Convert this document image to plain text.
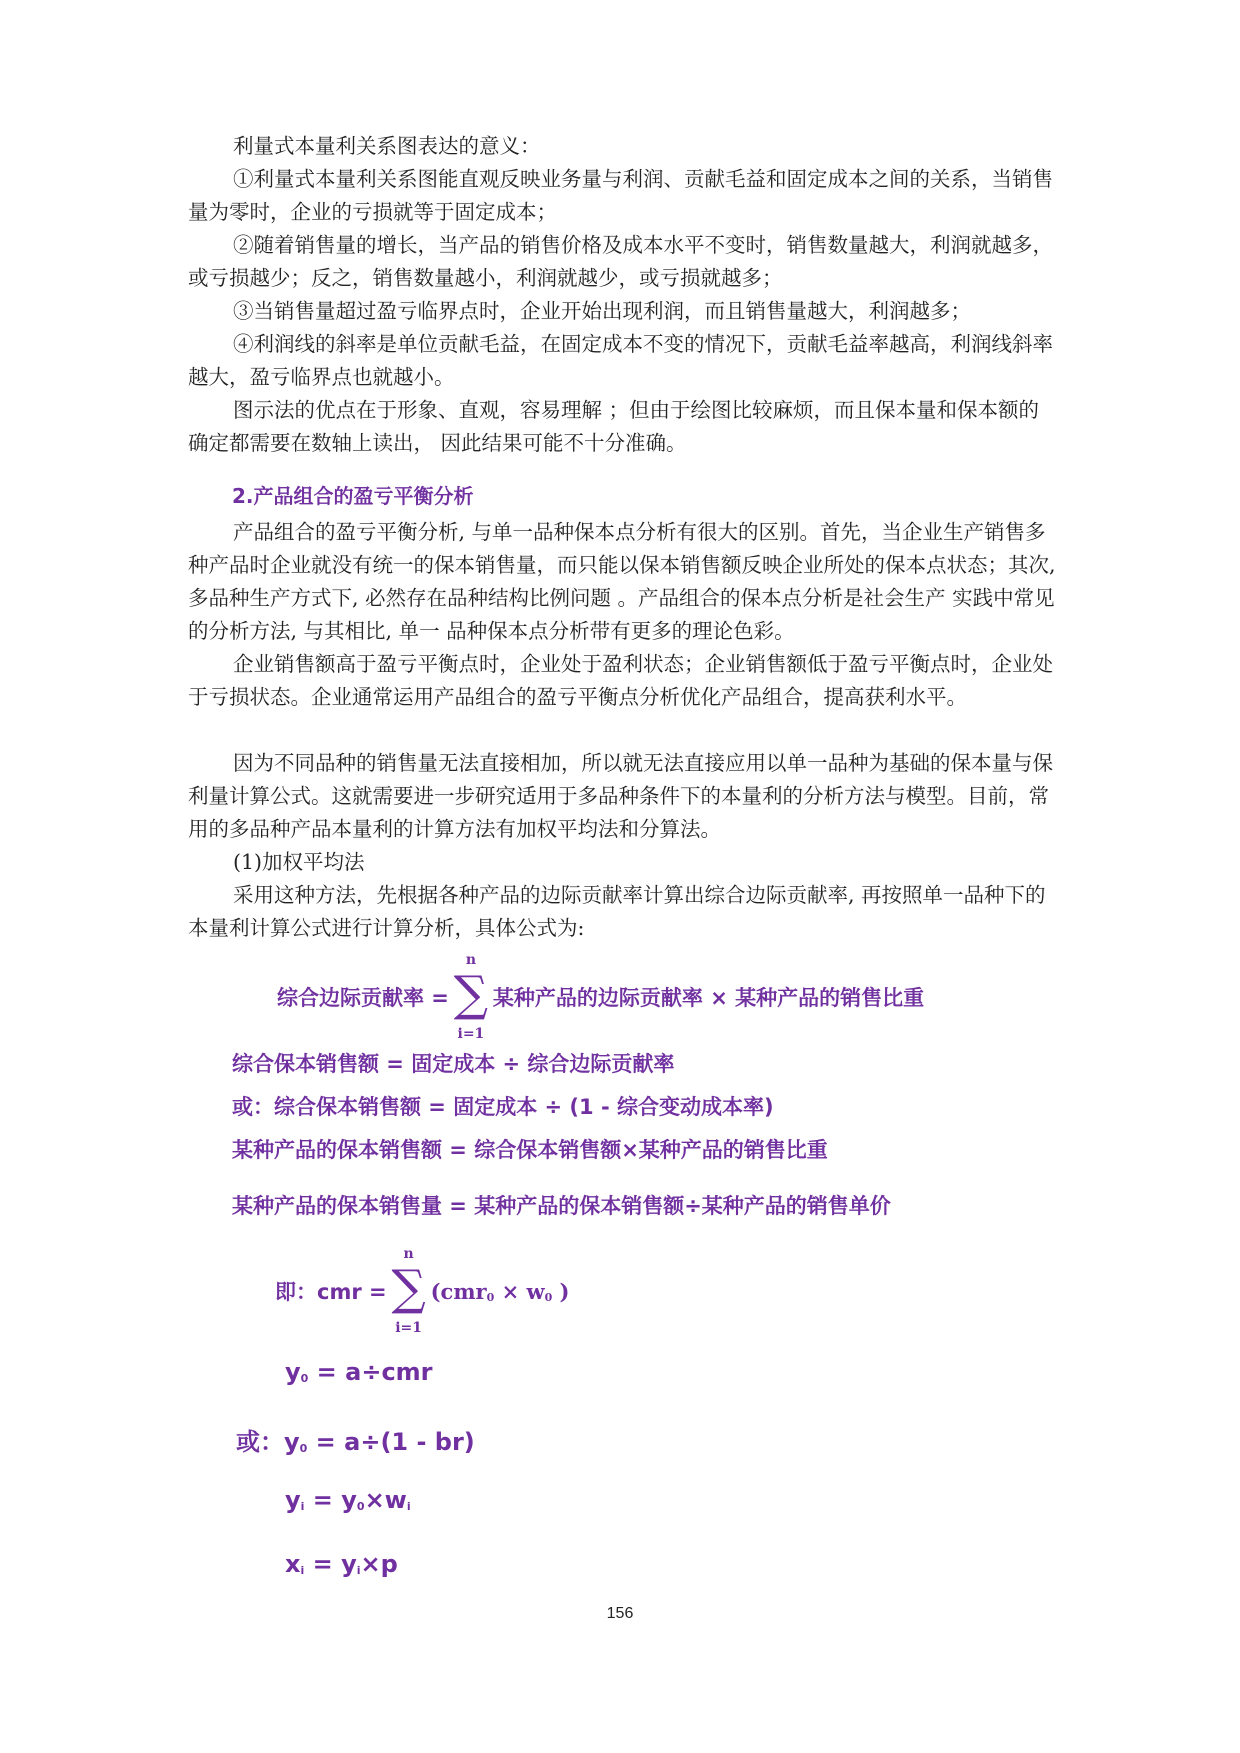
利量式本量利关系图表达的意义：
①利量式本量利关系图能直观反映业务量与利润、贡献毛益和固定成本之间的关系，当销售量为零时，企业的亏损就等于固定成本；
②随着销售量的增长，当产品的销售价格及成本水平不变时，销售数量越大，利润就越多，或亏损越少；反之，销售数量越小，利润就越少，或亏损就越多；
③当销售量超过盈亏临界点时，企业开始出现利润，而且销售量越大，利润越多；
④利润线的斜率是单位贡献毛益，在固定成本不变的情况下，贡献毛益率越高，利润线斜率越大，盈亏临界点也就越小。
图示法的优点在于形象、直观，容易理解 ；但由于绘图比较麻烦，而且保本量和保本额的确定都需要在数轴上读出， 因此结果可能不十分准确。
2.产品组合的盈亏平衡分析
产品组合的盈亏平衡分析, 与单一品种保本点分析有很大的区别。首先，当企业生产销售多种产品时企业就没有统一的保本销售量，而只能以保本销售额反映企业所处的保本点状态；其次, 多品种生产方式下, 必然存在品种结构比例问题 。产品组合的保本点分析是社会生产 实践中常见的分析方法, 与其相比, 单一 品种保本点分析带有更多的理论色彩。
企业销售额高于盈亏平衡点时，企业处于盈利状态；企业销售额低于盈亏平衡点时，企业处于亏损状态。企业通常运用产品组合的盈亏平衡点分析优化产品组合，提高获利水平。
因为不同品种的销售量无法直接相加，所以就无法直接应用以单一品种为基础的保本量与保利量计算公式。这就需要进一步研究适用于多品种条件下的本量利的分析方法与模型。目前，常用的多品种产品本量利的计算方法有加权平均法和分算法。
(1)加权平均法
采用这种方法，先根据各种产品的边际贡献率计算出综合边际贡献率, 再按照单一品种下的本量利计算公式进行计算分析，具体公式为:
综合边际贡献率 =
n
∑
i=1
某种产品的边际贡献率 × 某种产品的销售比重
综合保本销售额 = 固定成本 ÷ 综合边际贡献率
或：综合保本销售额 = 固定成本 ÷ (1 - 综合变动成本率)
某种产品的保本销售额 = 综合保本销售额×某种产品的销售比重
某种产品的保本销售量 = 某种产品的保本销售额÷某种产品的销售单价
即：cmr =
n
∑
i=1
($cmr_0 \times w_0$ )
$y_0 = a\div cmr$
或：$y_0 = a\div(1 - br)$
$y_i = y_0\times w_i$
$x_i = y_i\times p$
156
